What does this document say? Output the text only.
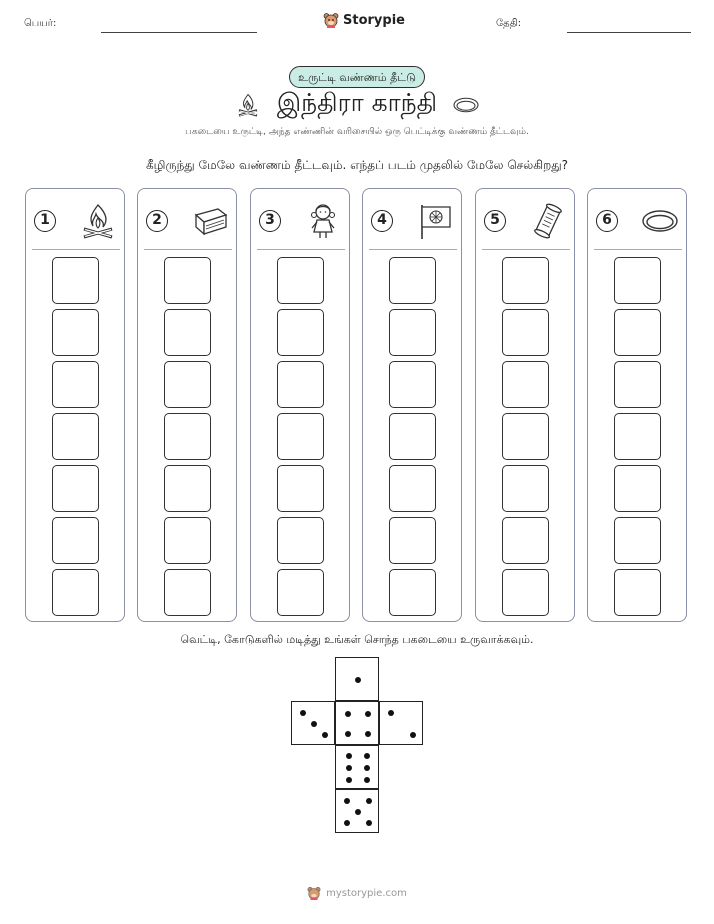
பெயர்:	Storypie	தேதி:
உருட்டி வண்ணம் தீட்டு
இந்திரா காந்தி
பகடையை உருட்டி, அந்த எண்ணின் வரிசையில் ஒரு பெட்டிக்கு வண்ணம் தீட்டவும்.
கீழிருந்து மேலே வண்ணம் தீட்டவும். எந்தப் படம் முதலில் மேலே செல்கிறது?
1	2	3	4	5	6
வெட்டி, கோடுகளில் மடித்து உங்கள் சொந்த பகடையை உருவாக்கவும்.
mystorypie.com
